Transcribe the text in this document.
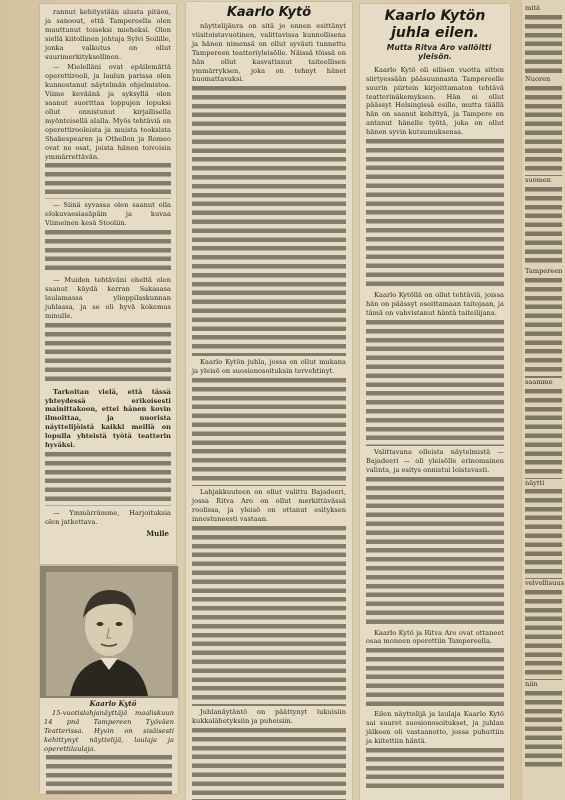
rannut kehitystään alusta pitäen, ja sanoout, että Tampereella olen muuttunut toiseksi mieheksi. Olen siellä kiitollinen johtaja Sylvi Soilille, jonka valkutus on ollut suurimerkityksellinen.

— Mielelläni ovat epäilemättä operettirooli, ja laulun parissa olen kunnostanut näytelmän ohjelmistoa. Viime keväänä ja syksyllä olen saanut suorittaa loppujen lopuksi ollut onnistunut kirjallisella myönteisellä alalla. Myös tehtäviä on operettirooleista ja muista teoksista Shakespearen ja Othellon ja Romeo ovat ne osat, joista hänen toivoisin ymmärrettävän.

— Siinä syvassa olen saanut olla elokuvaesiasäpäin ja kuvaa Viimeinen kesä Stooliin.

— Muiden tehtäväni oheltä olen saanut käydä kerran Sakasasa laulamassa ylioppilaskunnan juhlassa, ja se oli hyvä kokemus minulle.

Tarkoitan vielä, että tässä yhteydessä erikoisesti mainittakoon, ettei hänen kovin ilmoittaa, ja nuorista näyttelijöistä kaikki meillä on lopulla yhteistä työtä teatterin hyväksi.

— Ymmärrämme, Harjoituksia olen jatkettava.

Mulle

Kaarlo Kytö

15-vuotislahjanäyttäjä maaliskuun 14 pnä Tampereen Työväen Teatterissa. Hyvin on sisäisesti kehittynyt näyttelijä, laulaja ja operettilaulaja.

Kaarlo Kytö

näyttelijäura on sitä jo ennen esittänyt viisitoistavuotinen, valittavissa kunnollisena ja hänen nimensä on ollut syvästi tunnettu Tampereen teatteriyleisölle. Näissä töissä on hän ollut kasvattanut taiteellisen ymmärryksen, joka on tehnyt hänet huomattavaksi.

Kaarlo Kytön juhla, jossa on ollut mukana ja yleisö on suosionosoituksin tervehtinyt.

Lahjakkuuteen on ollut valittu Bajadeeri, jossa Ritva Aro on ollut merkittävässä roolissa, ja yleisö on ottanut esityksen innostuneesti vastaan.

Juhlanäytäntö on päättynyt lukuisiin kukkalähetyksiin ja puheisiin.

Kaarlo Kytön juhla eilen.

Mutta Ritva Aro vallöitti yleisön.

Kaarlo Kytö oli eilisen vuotta sitten siirtyessään pääsuunnasta Tampereelle suurin piirtein kirjoittamaton tehtävä teatterinäkemyksen. Hän ei ollut päässyt Helsingissä esille, mutta täällä hän on saanut kehittyä, ja Tampere on antanut hänelle työtä, joka on ollut hänen syvin kutsumuksensa.

Kaarlo Kytöllä on ollut tehtäviä, joissa hän on päässyt osoittamaan taitojaan, ja tämä on vahvistanut häntä taiteilijana.

Valittavana olleista näytelmistä — Bajadeeri — oli yleisölle erinomainen valinta, ja esitys onnistui loistavasti.

Kaarlo Kytö ja Ritva Aro ovat ottaneet osaa moneen operettiin Tampereella.

Eilen näyttelijä ja laulaja Kaarlo Kytö sai suuret suosionosoitukset, ja juhlan jälkeen oli vastaanotto, jossa puhuttiin ja kiitettiin häntä.

mitä
Nuoren
suomen
Tampereen
saamme
näytti
velvollisuus
niin
